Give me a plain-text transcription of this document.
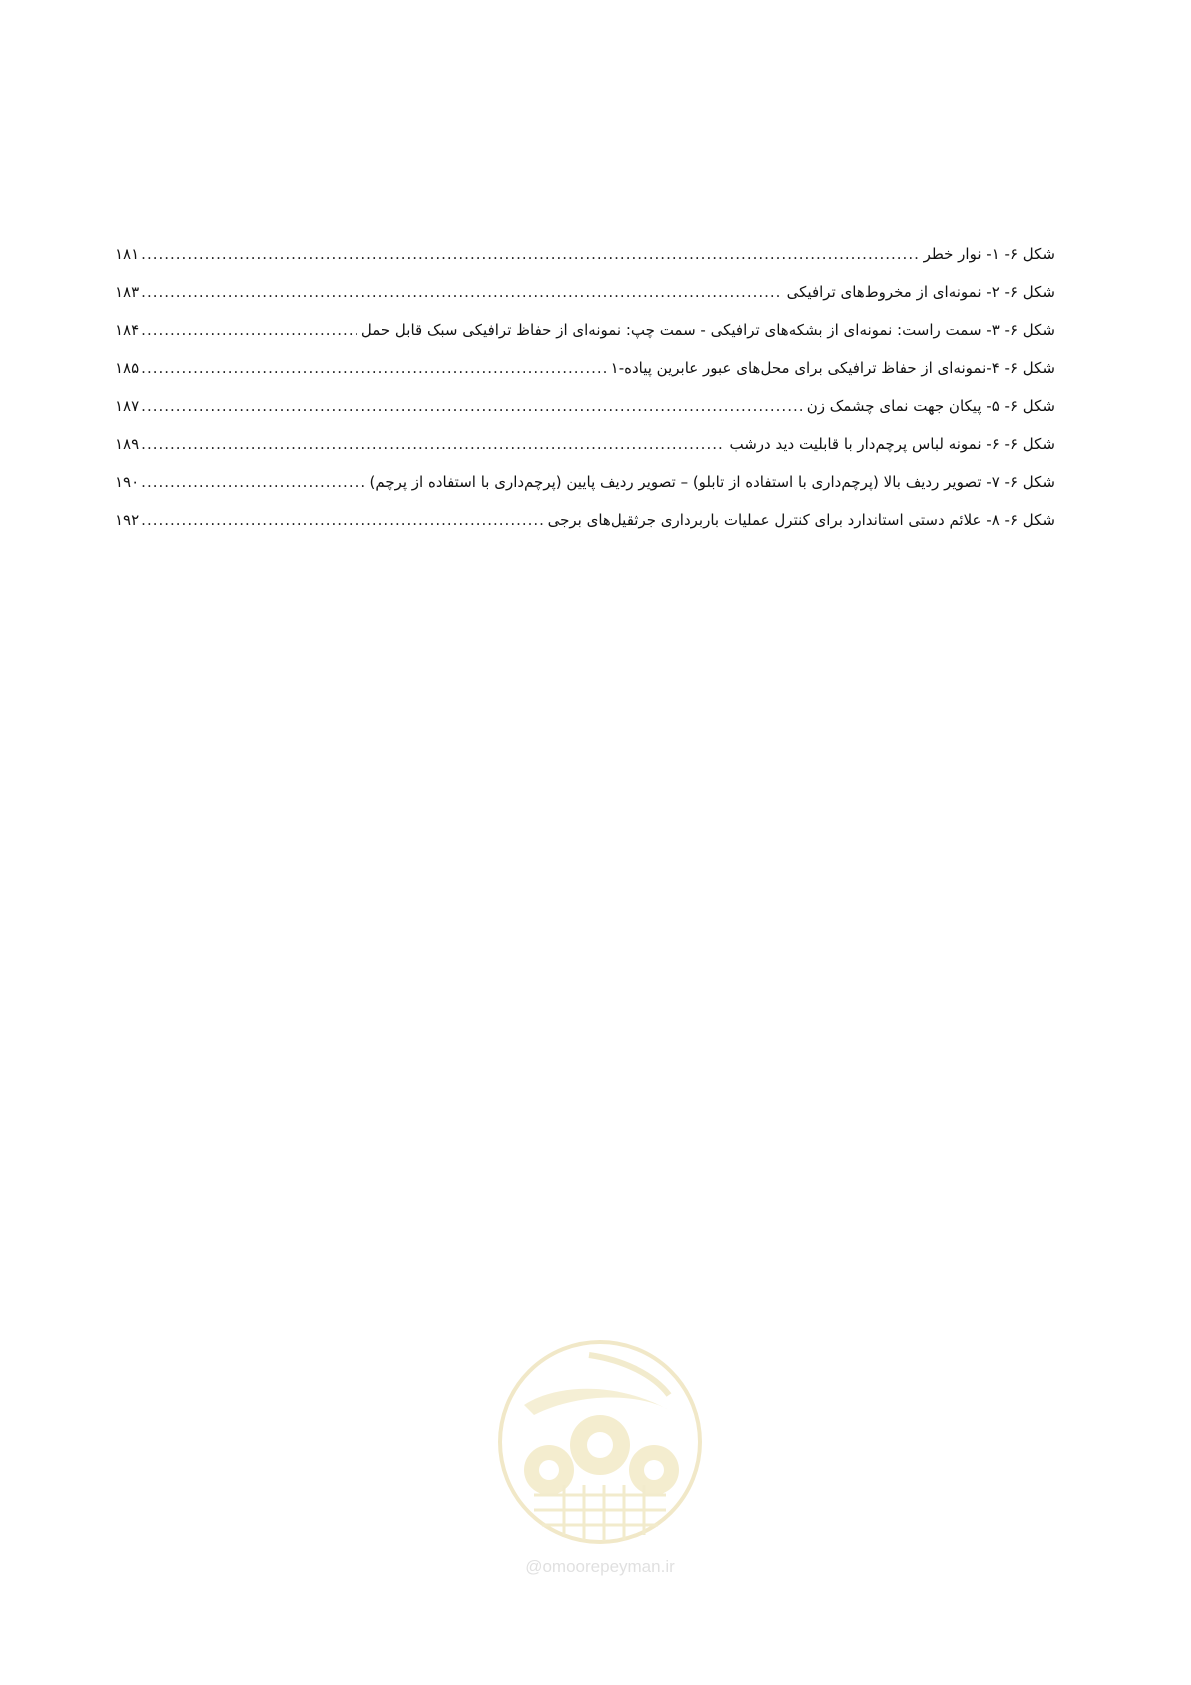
شکل ۶- ۱- نوار خطر
.....
۱۸۱
شکل ۶- ۲- نمونه‌ای از مخروط‌های ترافیکی
.....
۱۸۳
شکل ۶- ۳- سمت راست: نمونه‌ای از بشکه‌های ترافیکی - سمت چپ: نمونه‌ای از حفاظ ترافیکی سبک قابل حمل
.....
۱۸۴
شکل ۶- ۴-نمونه‌ای از حفاظ ترافیکی برای محل‌های عبور عابرین پیاده-۱
.....
۱۸۵
شکل ۶- ۵- پیکان جهت نمای چشمک زن
.....
۱۸۷
شکل ۶- ۶- نمونه لباس پرچم‌دار با قابلیت دید درشب
.....
۱۸۹
شکل ۶- ۷- تصویر ردیف بالا (پرچم‌داری با استفاده از تابلو) – تصویر ردیف پایین (پرچم‌داری با استفاده از پرچم)
.....
۱۹۰
شکل ۶- ۸- علائم دستی استاندارد برای کنترل عملیات باربرداری جرثقیل‌های برجی
.....
۱۹۲
@omoorepeyman.ir
